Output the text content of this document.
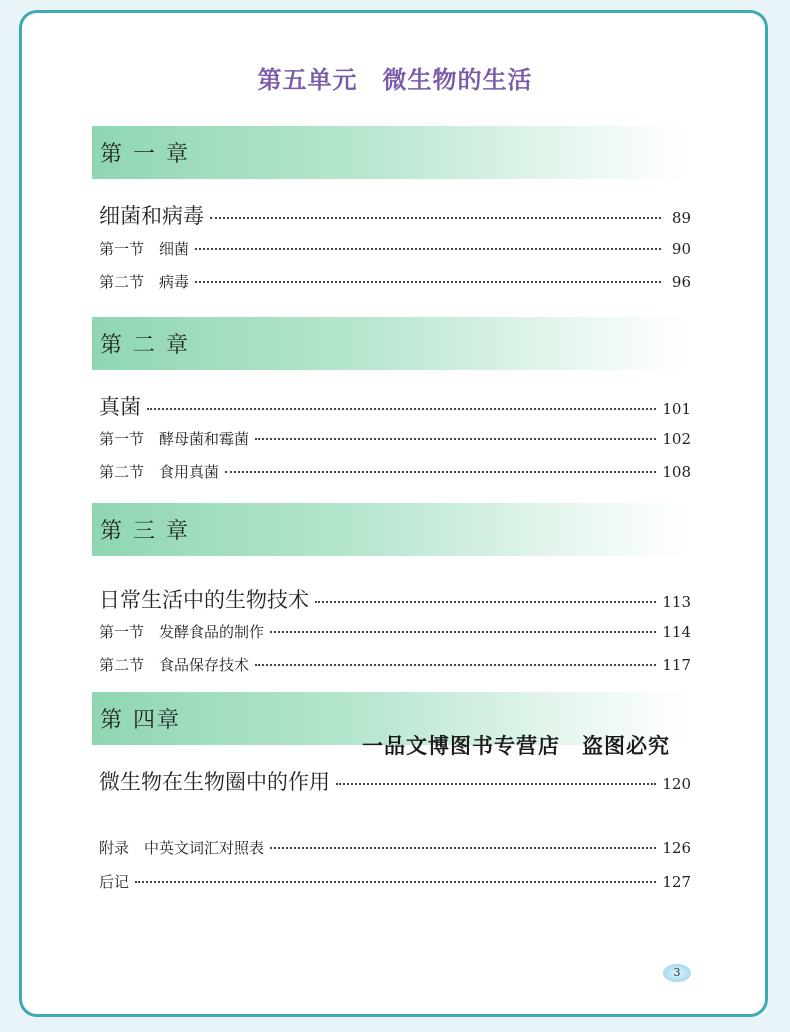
第五单元　微生物的生活
第 一 章
细菌和病毒	89
第一节　细菌	90
第二节　病毒	96
第 二 章
真菌	101
第一节　酵母菌和霉菌	102
第二节　食用真菌	108
第 三 章
日常生活中的生物技术	113
第一节　发酵食品的制作	114
第二节　食品保存技术	117
第 四章
微生物在生物圈中的作用	120
附录　中英文词汇对照表	126
后记	127
一品文博图书专营店　盗图必究
3
